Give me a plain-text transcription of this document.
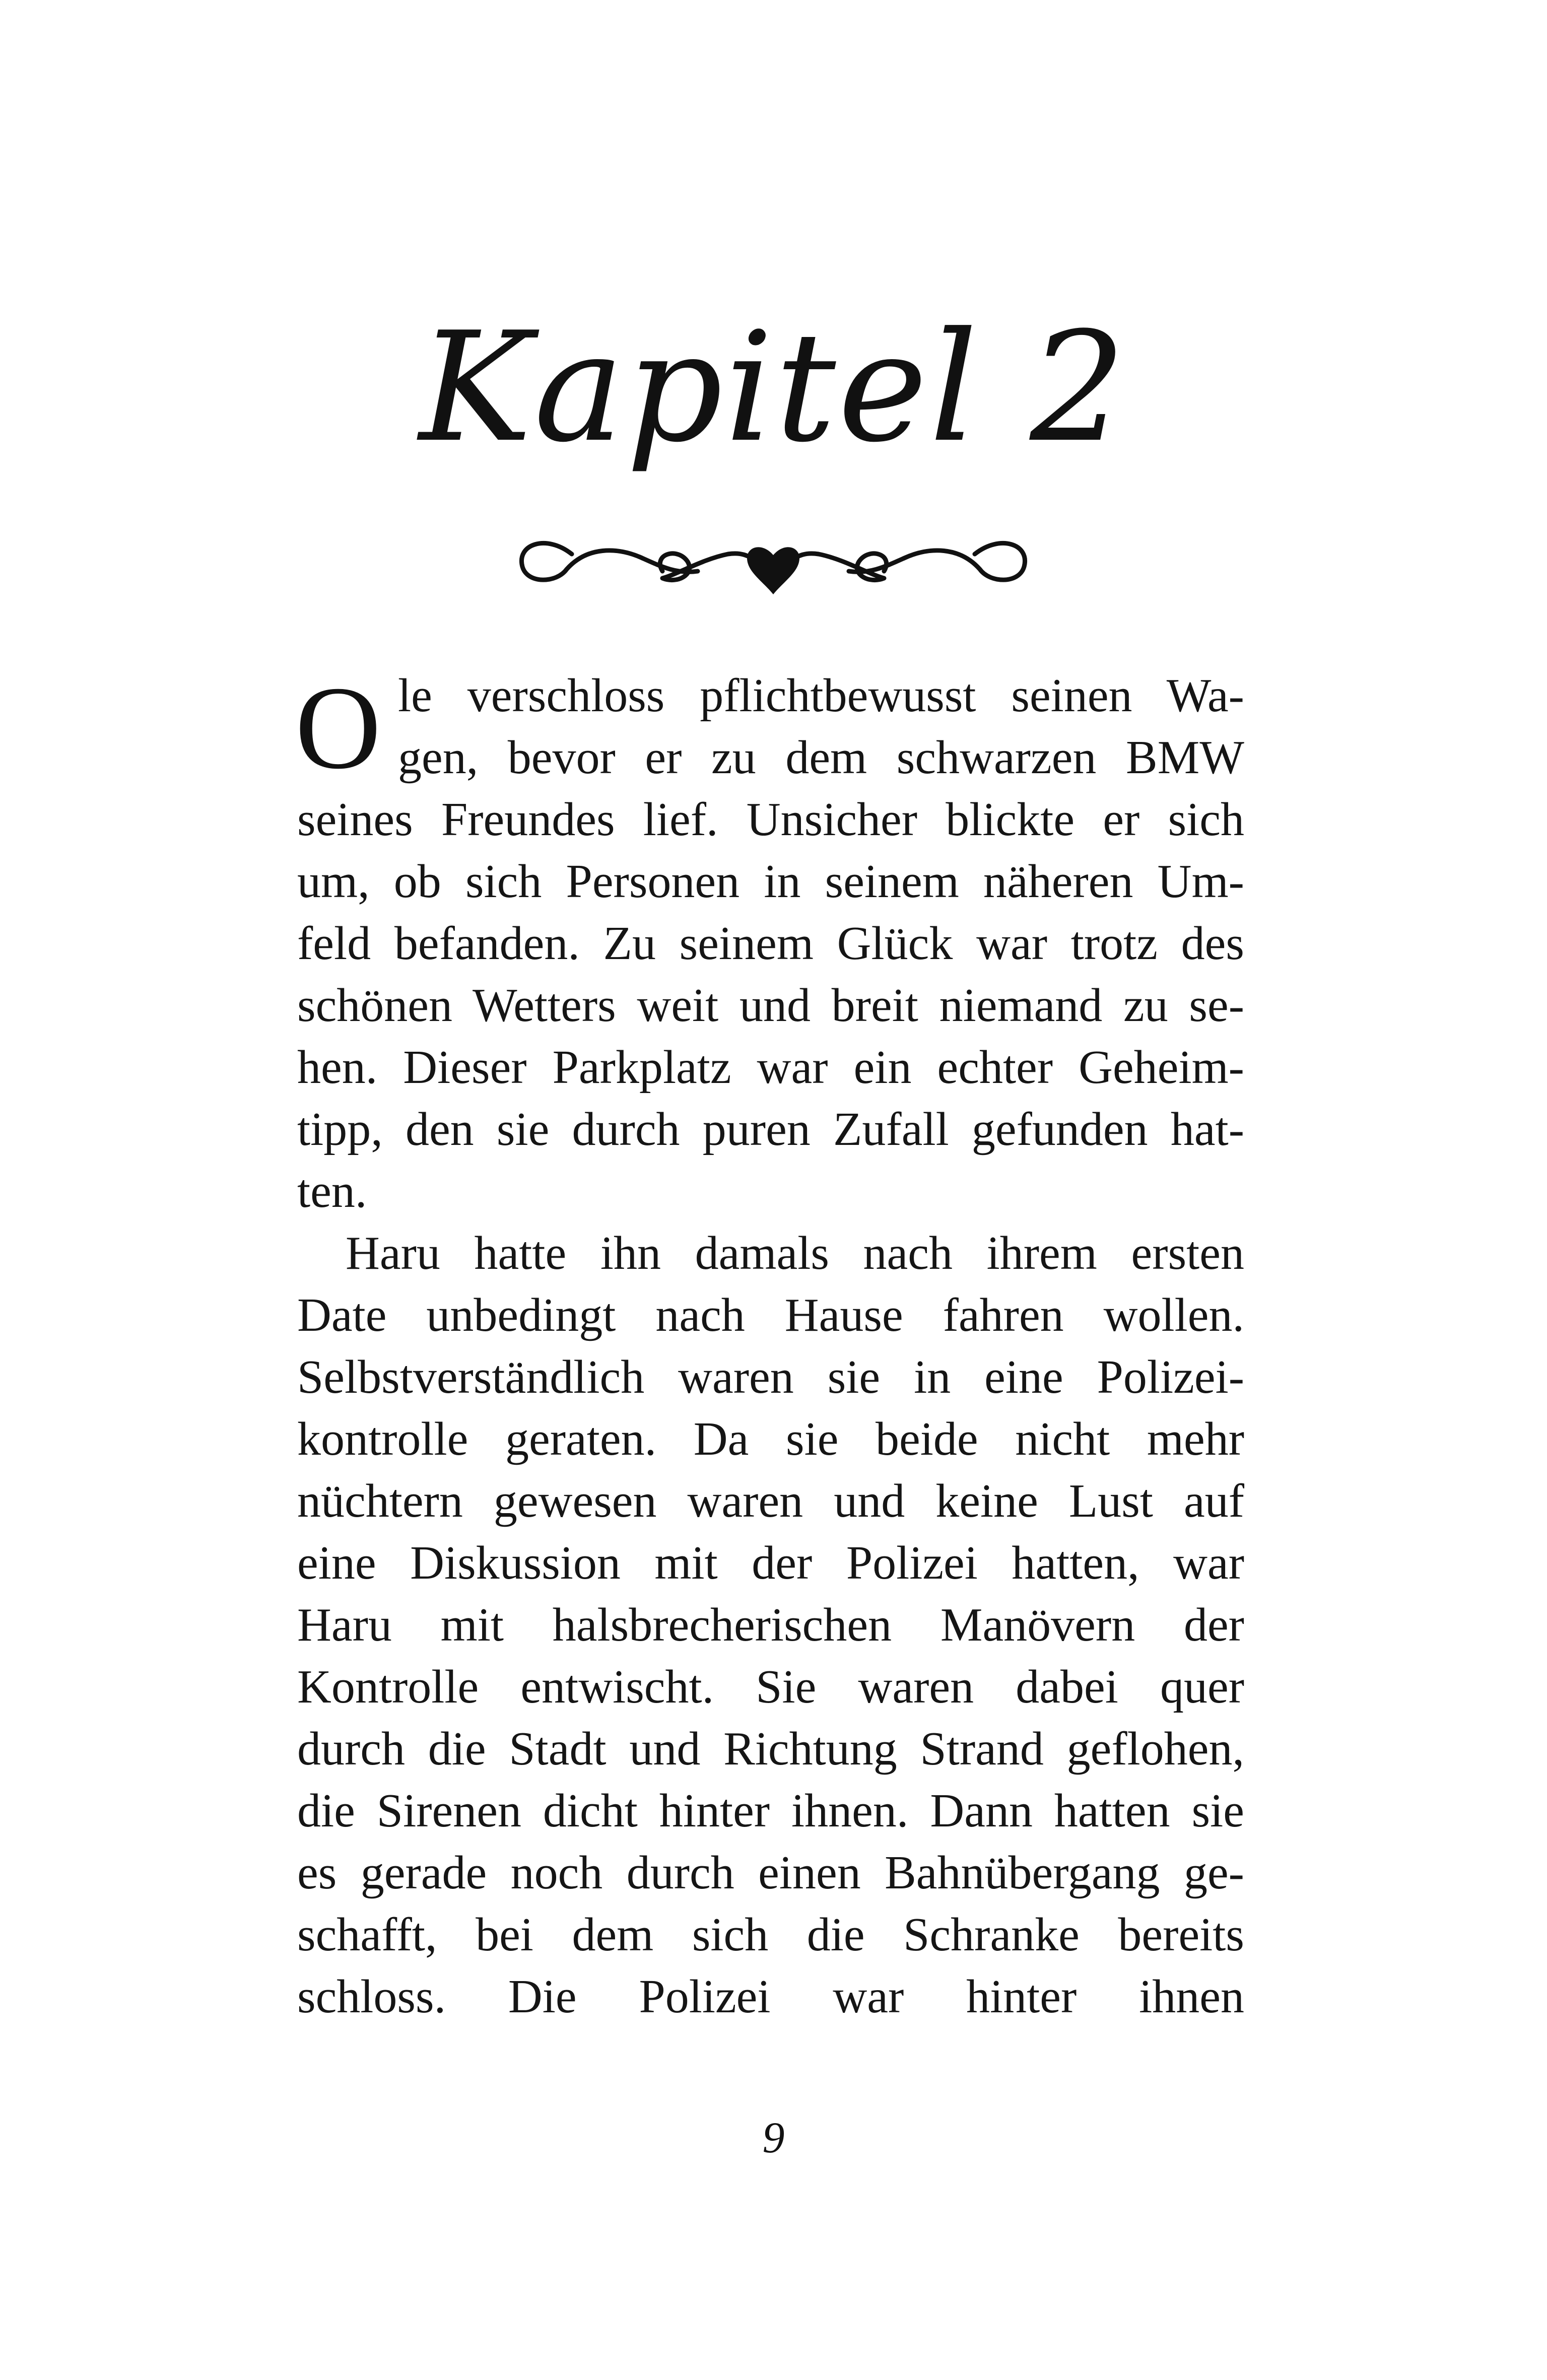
Kapitel 2
O le verschloss pflichtbewusst seinen Wa-
gen, bevor er zu dem schwarzen BMW
seines Freundes lief. Unsicher blickte er sich
um, ob sich Personen in seinem näheren Um-
feld befanden. Zu seinem Glück war trotz des
schönen Wetters weit und breit niemand zu se-
hen. Dieser Parkplatz war ein echter Geheim-
tipp, den sie durch puren Zufall gefunden hat-
ten.
Haru hatte ihn damals nach ihrem ersten
Date unbedingt nach Hause fahren wollen.
Selbstverständlich waren sie in eine Polizei-
kontrolle geraten. Da sie beide nicht mehr
nüchtern gewesen waren und keine Lust auf
eine Diskussion mit der Polizei hatten, war
Haru mit halsbrecherischen Manövern der
Kontrolle entwischt. Sie waren dabei quer
durch die Stadt und Richtung Strand geflohen,
die Sirenen dicht hinter ihnen. Dann hatten sie
es gerade noch durch einen Bahnübergang ge-
schafft, bei dem sich die Schranke bereits
schloss. Die Polizei war hinter ihnen
9
